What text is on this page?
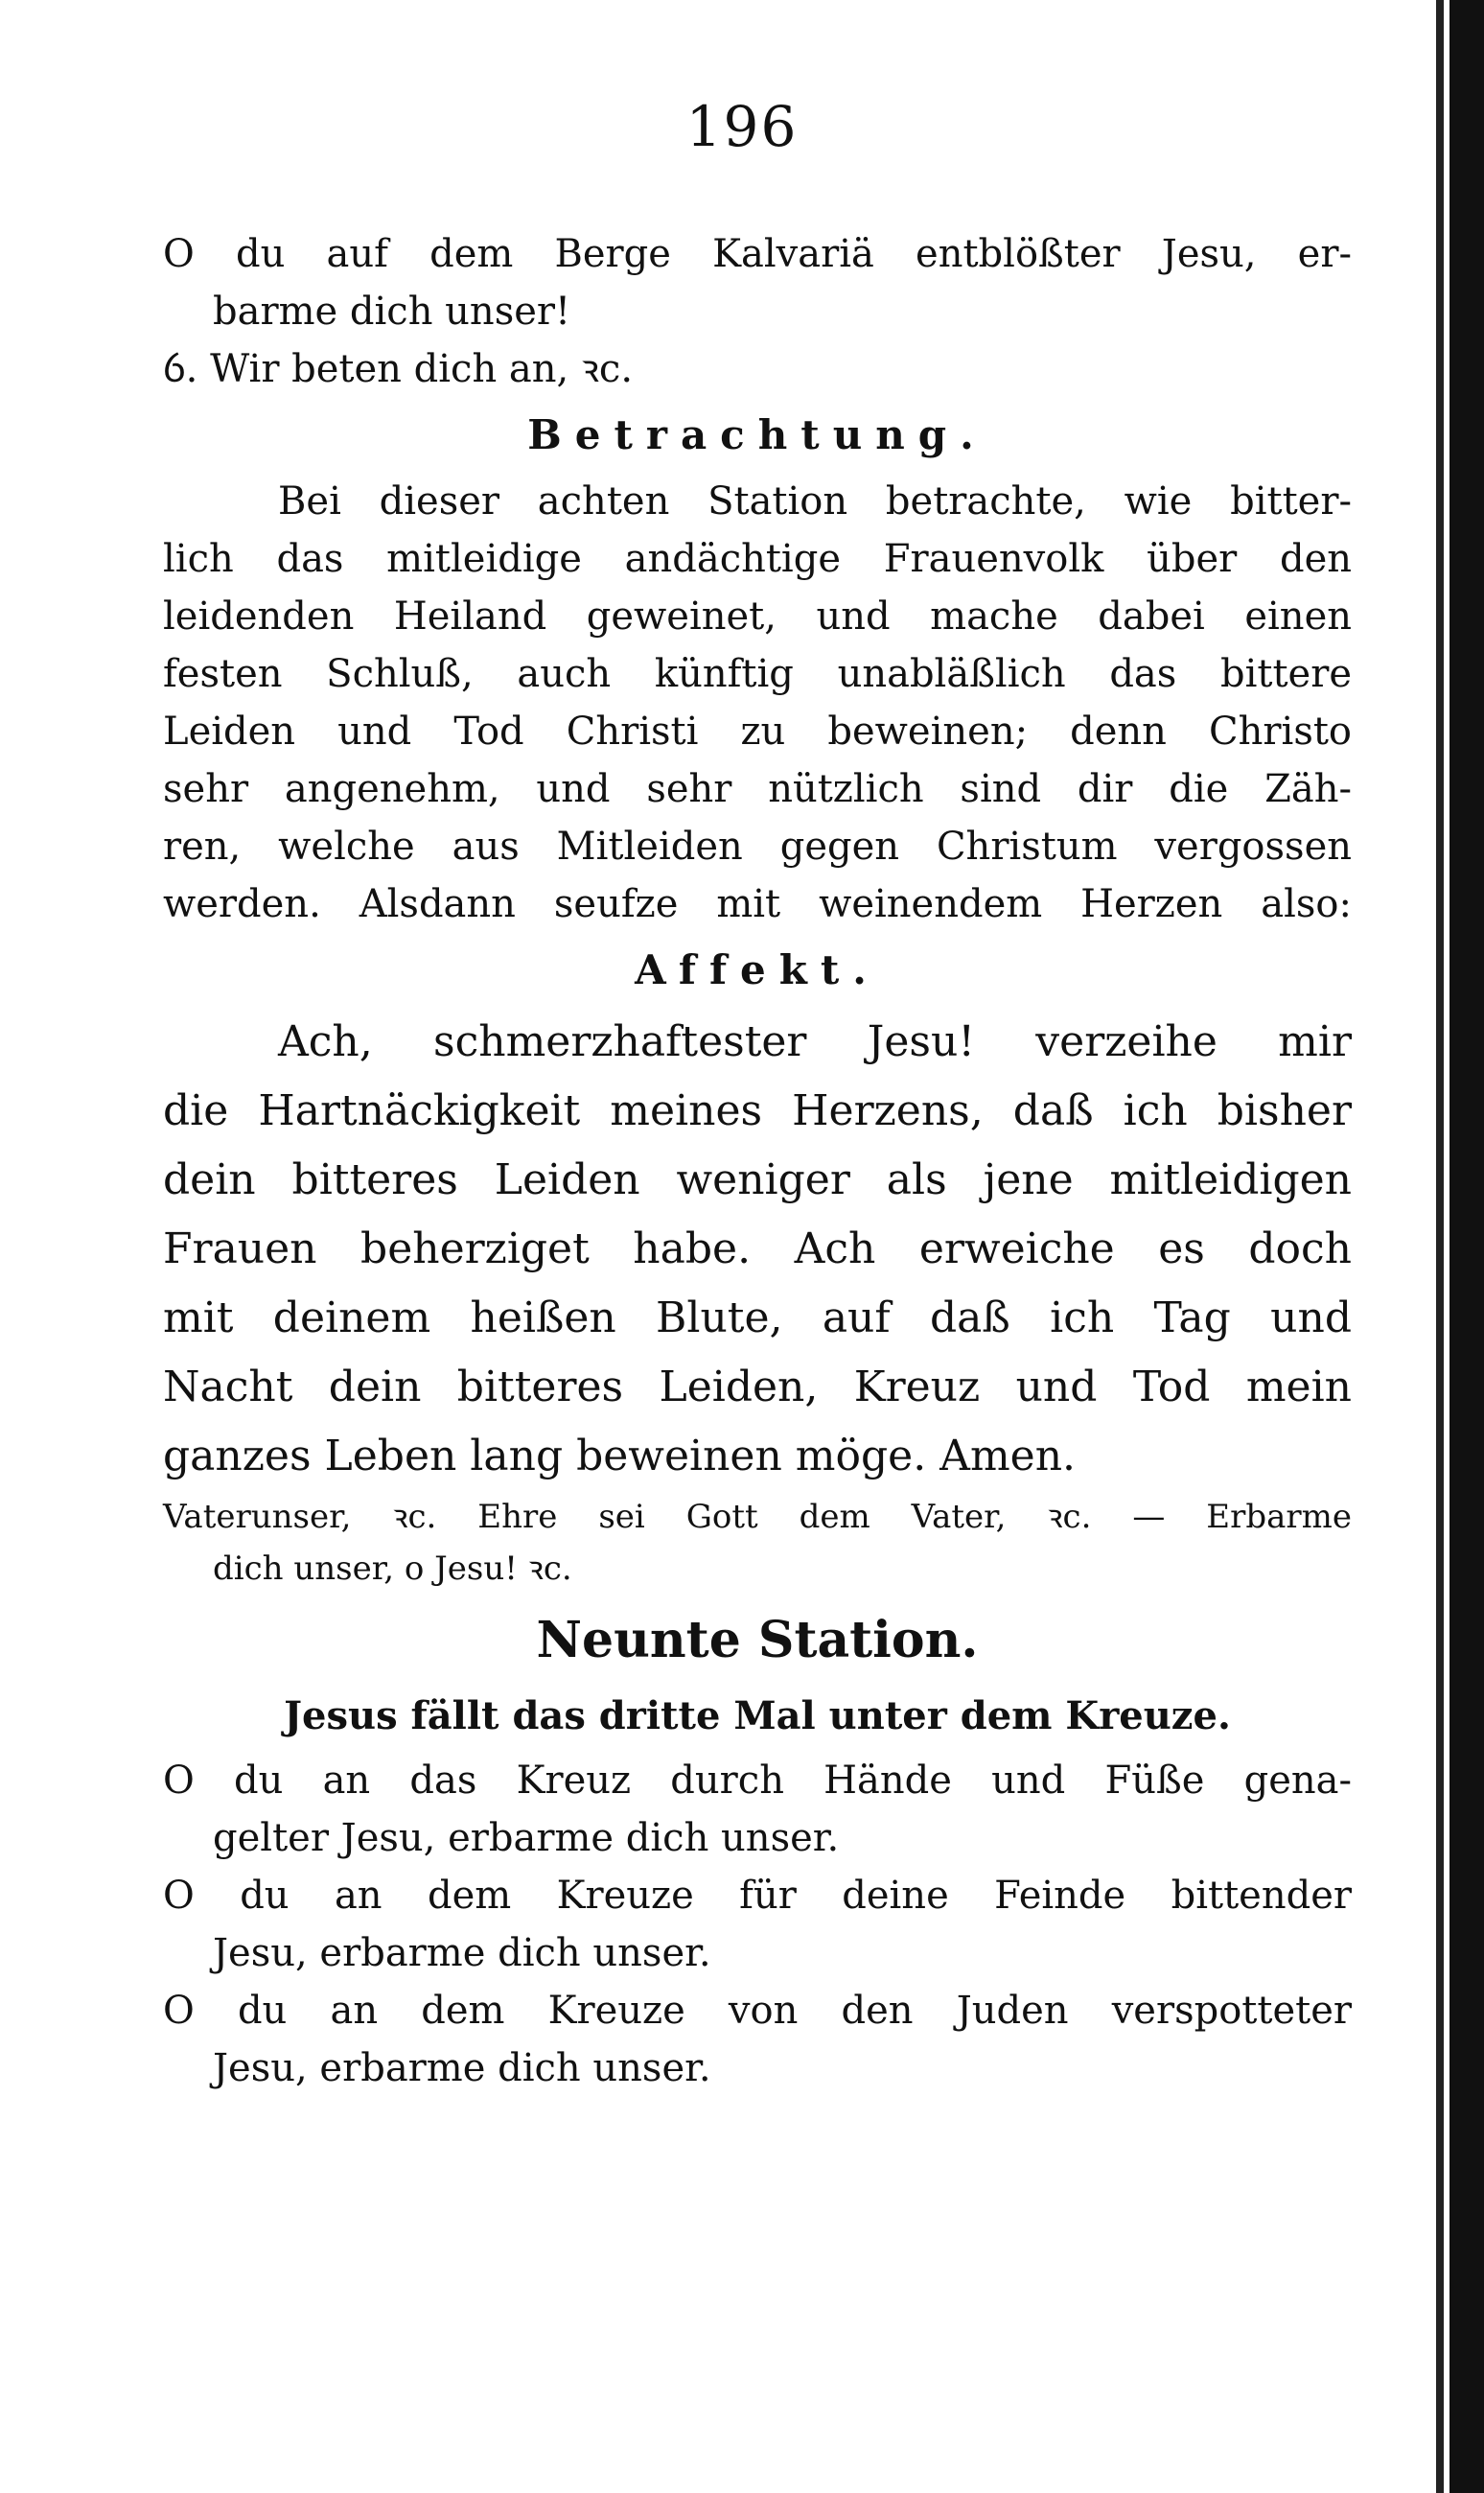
196
O du auf dem Berge Kalvariä entblößter Jesu, er-
barme dich unser!
ỽ. Wir beten dich an, ꝛc.
Betrachtung.
Bei dieser achten Station betrachte, wie bitter-
lich das mitleidige andächtige Frauenvolk über den
leidenden Heiland geweinet, und mache dabei einen
festen Schluß, auch künftig unabläßlich das bittere
Leiden und Tod Christi zu beweinen; denn Christo
sehr angenehm, und sehr nützlich sind dir die Zäh-
ren, welche aus Mitleiden gegen Christum vergossen
werden. Alsdann seufze mit weinendem Herzen also:
Affekt.
Ach, schmerzhaftester Jesu! verzeihe mir
die Hartnäckigkeit meines Herzens, daß ich bisher
dein bitteres Leiden weniger als jene mitleidigen
Frauen beherziget habe. Ach erweiche es doch
mit deinem heißen Blute, auf daß ich Tag und
Nacht dein bitteres Leiden, Kreuz und Tod mein
ganzes Leben lang beweinen möge. Amen.
Vaterunser, ꝛc. Ehre sei Gott dem Vater, ꝛc. — Erbarme
dich unser, o Jesu! ꝛc.
Neunte Station.
Jesus fällt das dritte Mal unter dem Kreuze.
O du an das Kreuz durch Hände und Füße genа-
gelter Jesu, erbarme dich unser.
O du an dem Kreuze für deine Feinde bittender
Jesu, erbarme dich unser.
O du an dem Kreuze von den Juden verspotteter
Jesu, erbarme dich unser.
